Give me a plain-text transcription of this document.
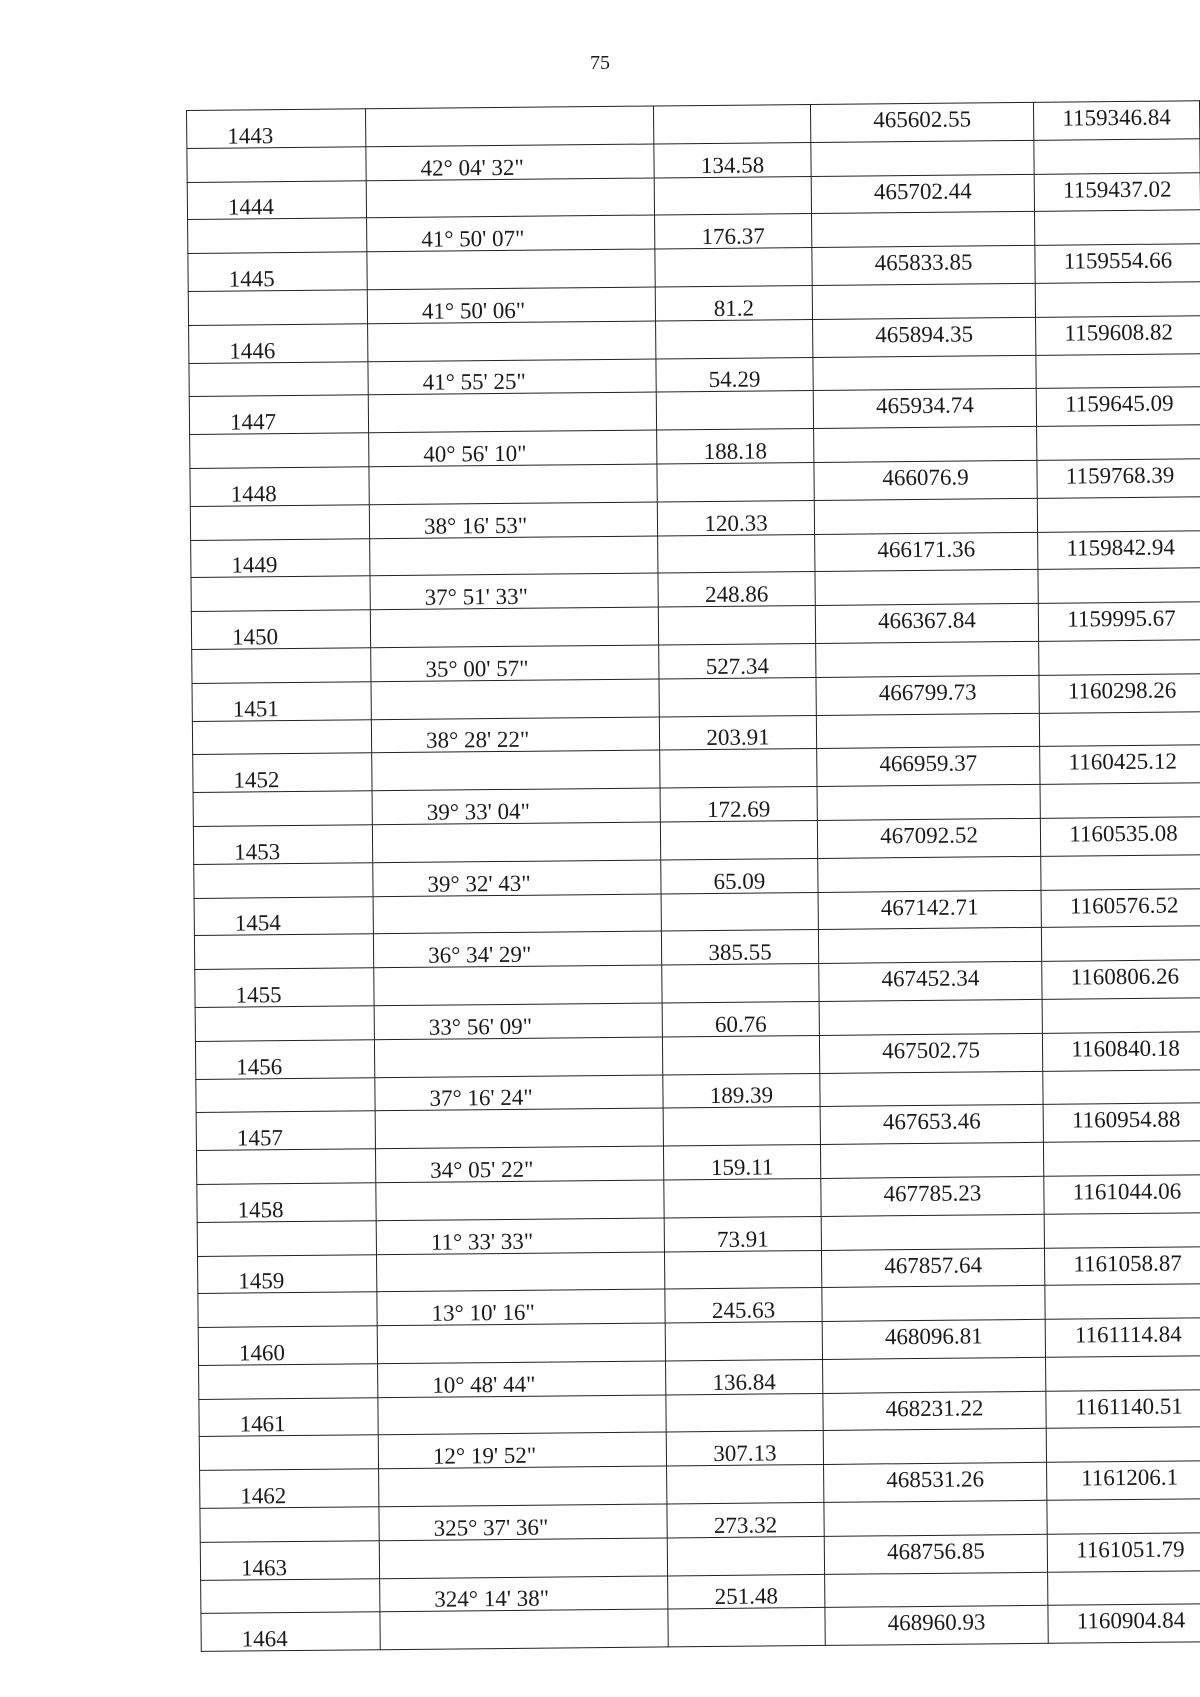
75
1443			465602.55	1159346.84
	42° 04' 32"	134.58		
1444			465702.44	1159437.02
	41° 50' 07"	176.37		
1445			465833.85	1159554.66
	41° 50' 06"	81.2		
1446			465894.35	1159608.82
	41° 55' 25"	54.29		
1447			465934.74	1159645.09
	40° 56' 10"	188.18		
1448			466076.9	1159768.39
	38° 16' 53"	120.33		
1449			466171.36	1159842.94
	37° 51' 33"	248.86		
1450			466367.84	1159995.67
	35° 00' 57"	527.34		
1451			466799.73	1160298.26
	38° 28' 22"	203.91		
1452			466959.37	1160425.12
	39° 33' 04"	172.69		
1453			467092.52	1160535.08
	39° 32' 43"	65.09		
1454			467142.71	1160576.52
	36° 34' 29"	385.55		
1455			467452.34	1160806.26
	33° 56' 09"	60.76		
1456			467502.75	1160840.18
	37° 16' 24"	189.39		
1457			467653.46	1160954.88
	34° 05' 22"	159.11		
1458			467785.23	1161044.06
	11° 33' 33"	73.91		
1459			467857.64	1161058.87
	13° 10' 16"	245.63		
1460			468096.81	1161114.84
	10° 48' 44"	136.84		
1461			468231.22	1161140.51
	12° 19' 52"	307.13		
1462			468531.26	1161206.1
	325° 37' 36"	273.32		
1463			468756.85	1161051.79
	324° 14' 38"	251.48		
1464			468960.93	1160904.84
